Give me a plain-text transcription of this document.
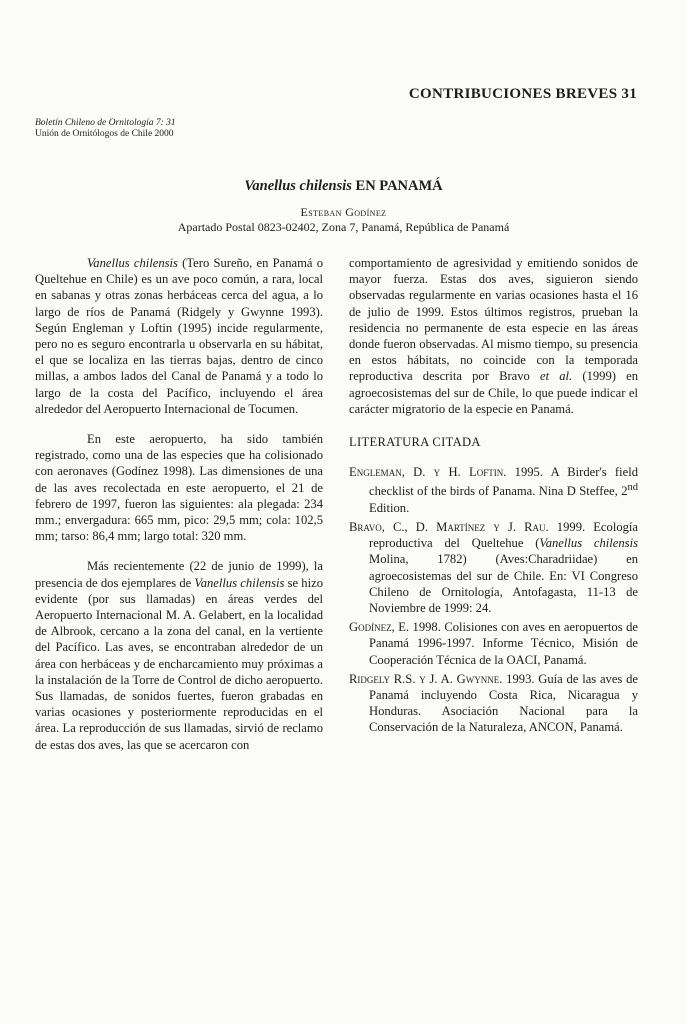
CONTRIBUCIONES BREVES 31
Boletín Chileno de Ornitología 7: 31
Unión de Ornitólogos de Chile 2000
Vanellus chilensis EN PANAMÁ
Esteban Godínez
Apartado Postal 0823-02402, Zona 7, Panamá, República de Panamá

Vanellus chilensis (Tero Sureño, en Panamá o Queltehue en Chile) es un ave poco común, a rara, local en sabanas y otras zonas herbáceas cerca del agua, a lo largo de ríos de Panamá (Ridgely y Gwynne 1993). Según Engleman y Loftin (1995) incide regularmente, pero no es seguro encontrarla u observarla en su hábitat, el que se localiza en las tierras bajas, dentro de cinco millas, a ambos lados del Canal de Panamá y a todo lo largo de la costa del Pacífico, incluyendo el área alrededor del Aeropuerto Internacional de Tocumen.

En este aeropuerto, ha sido también registrado, como una de las especies que ha colisionado con aeronaves (Godínez 1998). Las dimensiones de una de las aves recolectada en este aeropuerto, el 21 de febrero de 1997, fueron las siguientes: ala plegada: 234 mm.; envergadura: 665 mm, pico: 29,5 mm; cola: 102,5 mm; tarso: 86,4 mm; largo total: 320 mm.

Más recientemente (22 de junio de 1999), la presencia de dos ejemplares de Vanellus chilensis se hizo evidente (por sus llamadas) en áreas verdes del Aeropuerto Internacional M. A. Gelabert, en la localidad de Albrook, cercano a la zona del canal, en la vertiente del Pacífico. Las aves, se encontraban alrededor de un área con herbáceas y de encharcamiento muy próximas a la instalación de la Torre de Control de dicho aeropuerto. Sus llamadas, de sonidos fuertes, fueron grabadas en varias ocasiones y posteriormente reproducidas en el área. La reproducción de sus llamadas, sirvió de reclamo de estas dos aves, las que se acercaron con

comportamiento de agresividad y emitiendo sonidos de mayor fuerza. Estas dos aves, siguieron siendo observadas regularmente en varias ocasiones hasta el 16 de julio de 1999. Estos últimos registros, prueban la residencia no permanente de esta especie en las áreas donde fueron observadas. Al mismo tiempo, su presencia en estos hábitats, no coincide con la temporada reproductiva descrita por Bravo et al. (1999) en agroecosistemas del sur de Chile, lo que puede indicar el carácter migratorio de la especie en Panamá.

LITERATURA CITADA
Engleman, D. y H. Loftin. 1995. A Birder's field checklist of the birds of Panama. Nina D Steffee, 2nd Edition.
Bravo, C., D. Martínez y J. Rau. 1999. Ecología reproductiva del Queltehue (Vanellus chilensis Molina, 1782) (Aves:Charadriidae) en agroecosistemas del sur de Chile. En: VI Congreso Chileno de Ornitología, Antofagasta, 11-13 de Noviembre de 1999: 24.
Godínez, E. 1998. Colisiones con aves en aeropuertos de Panamá 1996-1997. Informe Técnico, Misión de Cooperación Técnica de la OACI, Panamá.
Ridgely R.S. y J. A. Gwynne. 1993. Guía de las aves de Panamá incluyendo Costa Rica, Nicaragua y Honduras. Asociación Nacional para la Conservación de la Naturaleza, ANCON, Panamá.
